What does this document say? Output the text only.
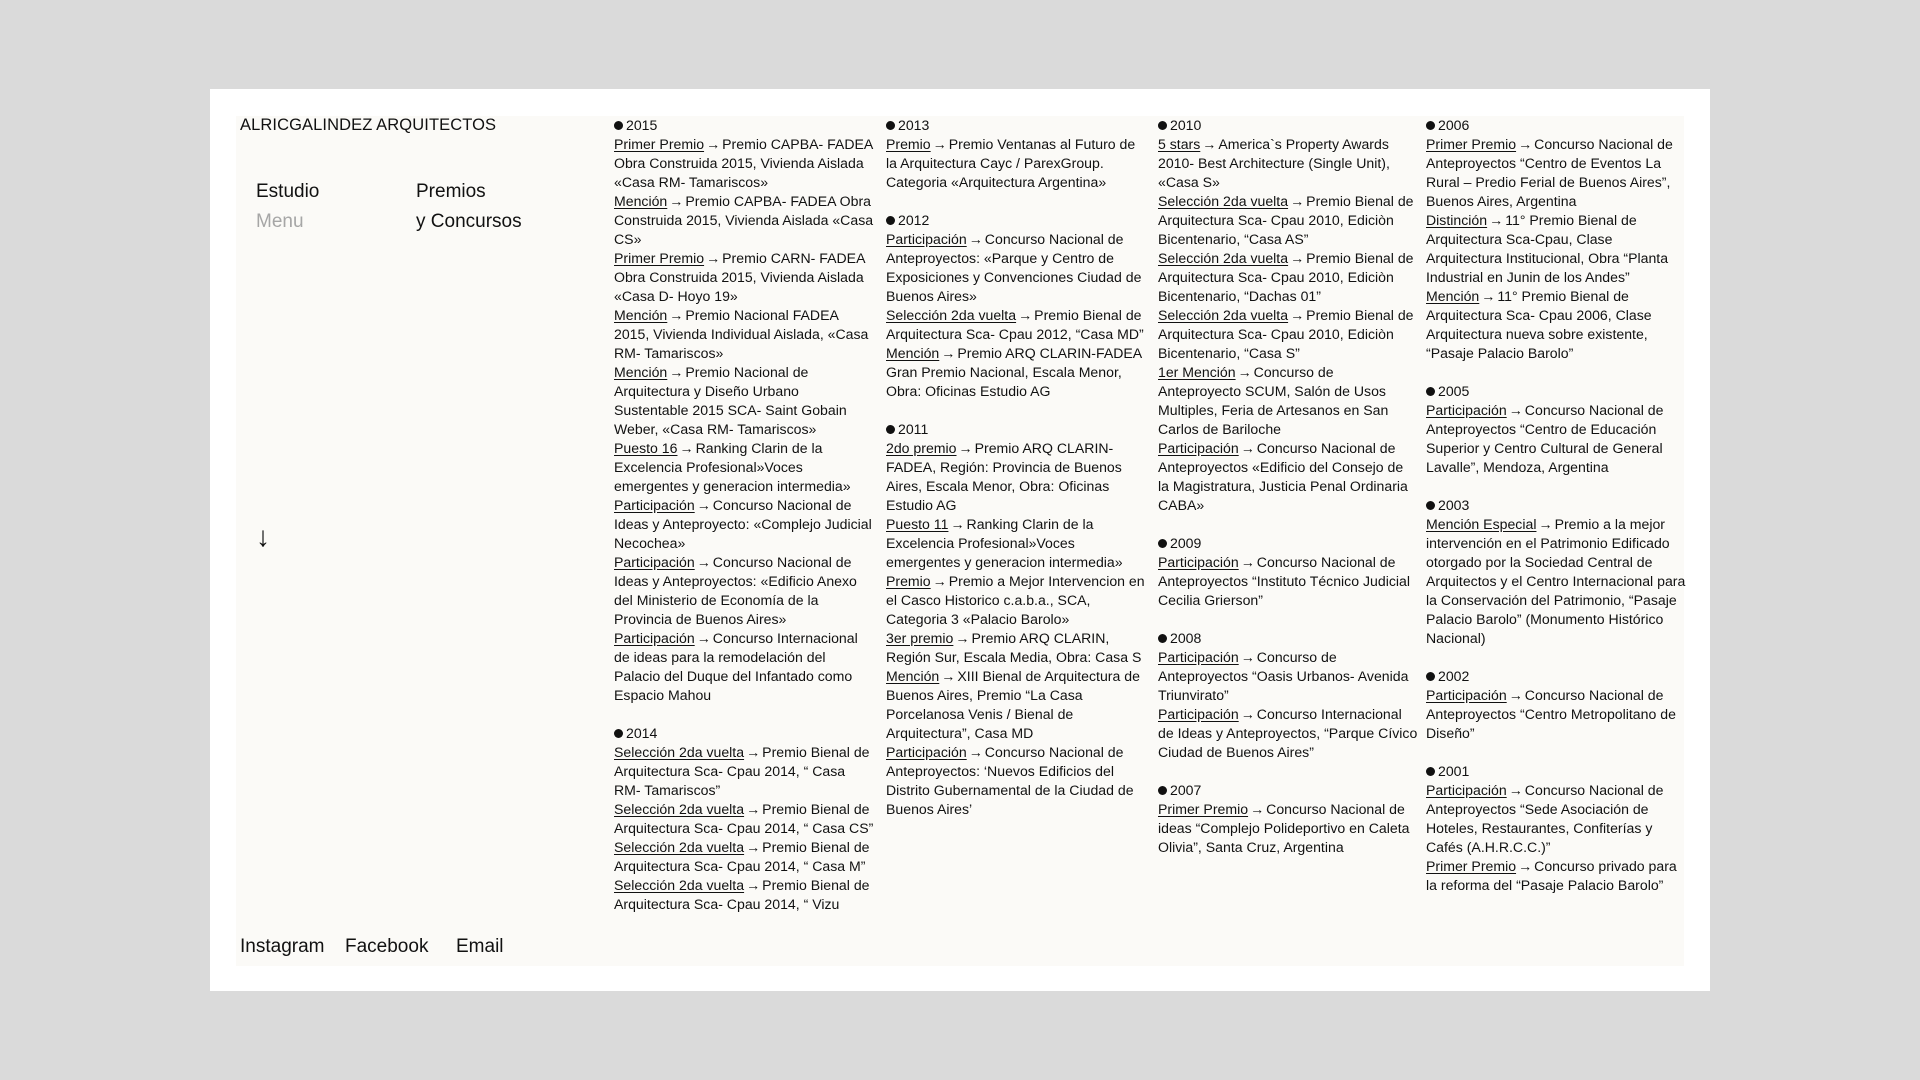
ALRICGALINDEZ ARQUITECTOS
Estudio
Menu
Premios
y Concursos
↓
2015
Primer Premio → Premio CAPBA- FADEA Obra Construida 2015, Vivienda Aislada «Casa RM- Tamariscos»
Mención → Premio CAPBA- FADEA Obra Construida 2015, Vivienda Aislada «Casa CS»
Primer Premio → Premio CARN- FADEA Obra Construida 2015, Vivienda Aislada «Casa D- Hoyo 19»
Mención → Premio Nacional FADEA 2015, Vivienda Individual Aislada, «Casa RM- Tamariscos»
Mención → Premio Nacional de Arquitectura y Diseño Urbano Sustentable 2015 SCA- Saint Gobain Weber, «Casa RM- Tamariscos»
Puesto 16 → Ranking Clarin de la Excelencia Profesional»Voces emergentes y generacion intermedia»
Participación → Concurso Nacional de Ideas y Anteproyecto: «Complejo Judicial Necochea»
Participación → Concurso Nacional de Ideas y Anteproyectos: «Edificio Anexo del Ministerio de Economía de la Provincia de Buenos Aires»
Participación → Concurso Internacional de ideas para la remodelación del Palacio del Duque del Infantado como Espacio Mahou
2014
Selección 2da vuelta → Premio Bienal de Arquitectura Sca- Cpau 2014, “ Casa RM- Tamariscos”
Selección 2da vuelta → Premio Bienal de Arquitectura Sca- Cpau 2014, “ Casa CS”
Selección 2da vuelta → Premio Bienal de Arquitectura Sca- Cpau 2014, “ Casa M”
Selección 2da vuelta → Premio Bienal de Arquitectura Sca- Cpau 2014, “ Vizu
2013
Premio → Premio Ventanas al Futuro de la Arquitectura Cayc / ParexGroup. Categoria «Arquitectura Argentina»
2012
Participación → Concurso Nacional de Anteproyectos: «Parque y Centro de Exposiciones y Convenciones Ciudad de Buenos Aires»
Selección 2da vuelta → Premio Bienal de Arquitectura Sca- Cpau 2012, “Casa MD”
Mención → Premio ARQ CLARIN-FADEA Gran Premio Nacional, Escala Menor, Obra: Oficinas Estudio AG
2011
2do premio → Premio ARQ CLARIN-FADEA, Región: Provincia de Buenos Aires, Escala Menor, Obra: Oficinas Estudio AG
Puesto 11 → Ranking Clarin de la Excelencia Profesional»Voces emergentes y generacion intermedia»
Premio → Premio a Mejor Intervencion en el Casco Historico c.a.b.a., SCA, Categoria 3 «Palacio Barolo»
3er premio → Premio ARQ CLARIN, Región Sur, Escala Media, Obra: Casa S
Mención → XIII Bienal de Arquitectura de Buenos Aires, Premio “La Casa Porcelanosa Venis / Bienal de Arquitectura”, Casa MD
Participación → Concurso Nacional de Anteproyectos: ‘Nuevos Edificios del Distrito Gubernamental de la Ciudad de Buenos Aires’
2010
5 stars → America`s Property Awards 2010- Best Architecture (Single Unit), «Casa S»
Selección 2da vuelta → Premio Bienal de Arquitectura Sca- Cpau 2010, Ediciòn Bicentenario, “Casa AS”
Selección 2da vuelta → Premio Bienal de Arquitectura Sca- Cpau 2010, Ediciòn Bicentenario, “Dachas 01”
Selección 2da vuelta → Premio Bienal de Arquitectura Sca- Cpau 2010, Ediciòn Bicentenario, “Casa S”
1er Mención → Concurso de Anteproyecto SCUM, Salón de Usos Multiples, Feria de Artesanos en San Carlos de Bariloche
Participación → Concurso Nacional de Anteproyectos «Edificio del Consejo de la Magistratura, Justicia Penal Ordinaria CABA»
2009
Participación → Concurso Nacional de Anteproyectos “Instituto Técnico Judicial Cecilia Grierson”
2008
Participación → Concurso de Anteproyectos “Oasis Urbanos- Avenida Triunvirato”
Participación → Concurso Internacional de Ideas y Anteproyectos, “Parque Cívico Ciudad de Buenos Aires”
2007
Primer Premio → Concurso Nacional de ideas “Complejo Polideportivo en Caleta Olivia”, Santa Cruz, Argentina
2006
Primer Premio → Concurso Nacional de Anteproyectos “Centro de Eventos La Rural – Predio Ferial de Buenos Aires”, Buenos Aires, Argentina
Distinción → 11° Premio Bienal de Arquitectura Sca-Cpau, Clase Arquitectura Institucional, Obra “Planta Industrial en Junin de los Andes”
Mención → 11° Premio Bienal de Arquitectura Sca- Cpau 2006, Clase Arquitectura nueva sobre existente, “Pasaje Palacio Barolo”
2005
Participación → Concurso Nacional de Anteproyectos “Centro de Educación Superior y Centro Cultural de General Lavalle”, Mendoza, Argentina
2003
Mención Especial → Premio a la mejor intervención en el Patrimonio Edificado otorgado por la Sociedad Central de Arquitectos y el Centro Internacional para la Conservación del Patrimonio, “Pasaje Palacio Barolo” (Monumento Histórico Nacional)
2002
Participación → Concurso Nacional de Anteproyectos “Centro Metropolitano de Diseño”
2001
Participación → Concurso Nacional de Anteproyectos “Sede Asociación de Hoteles, Restaurantes, Confiterías y Cafés (A.H.R.C.C.)”
Primer Premio → Concurso privado para la reforma del “Pasaje Palacio Barolo”
Instagram Facebook Email
